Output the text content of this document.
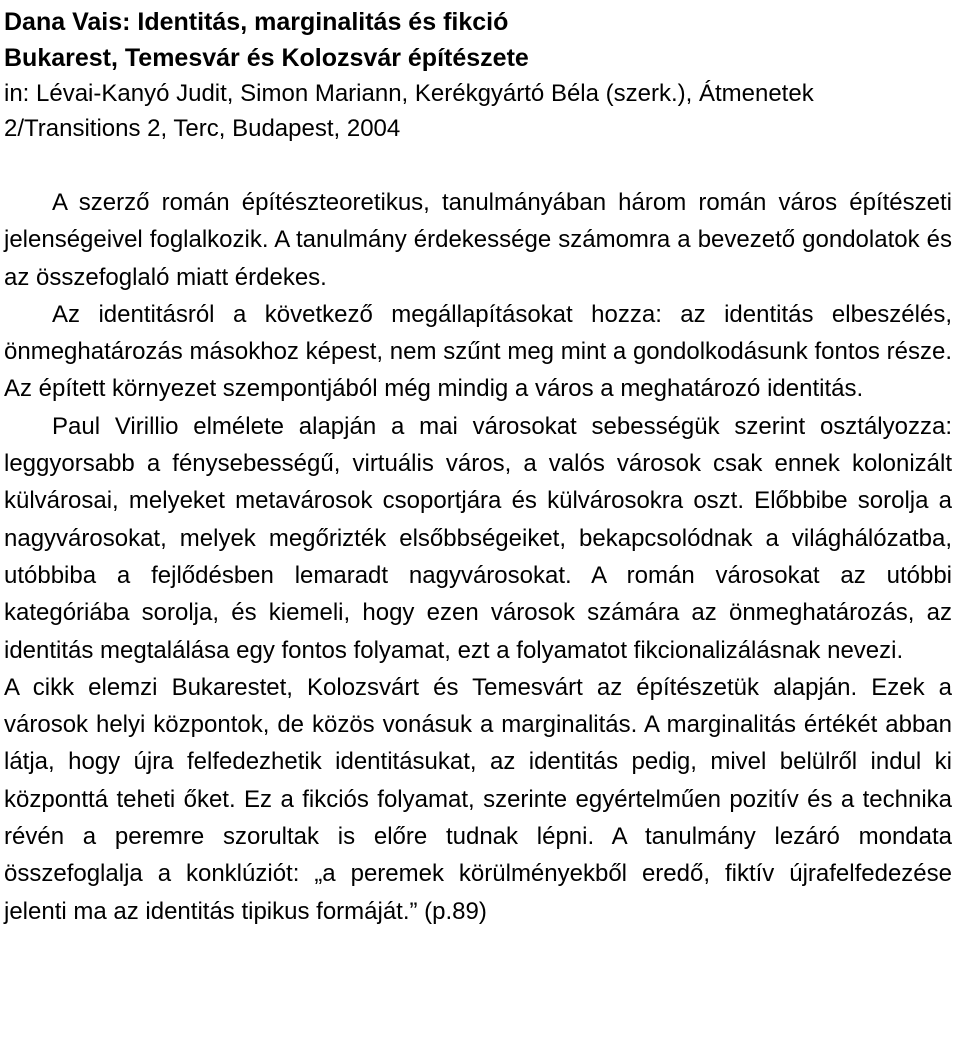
Dana Vais: Identitás, marginalitás és fikció

Bukarest, Temesvár és Kolozsvár építészete

in: Lévai-Kanyó Judit, Simon Mariann, Kerékgyártó Béla (szerk.), Átmenetek 2/Transitions 2, Terc, Budapest, 2004

A szerző román építészteoretikus, tanulmányában három román város építészeti jelenségeivel foglalkozik. A tanulmány érdekessége számomra a bevezető gondolatok és az összefoglaló miatt érdekes.

Az identitásról a következő megállapításokat hozza: az identitás elbeszélés, önmeghatározás másokhoz képest, nem szűnt meg mint a gondolkodásunk fontos része. Az épített környezet szempontjából még mindig a város a meghatározó identitás.

Paul Virillio elmélete alapján a mai városokat sebességük szerint osztályozza: leggyorsabb a fénysebességű, virtuális város, a valós városok csak ennek kolonizált külvárosai, melyeket metavárosok csoportjára és külvárosokra oszt. Előbbibe sorolja a nagyvárosokat, melyek megőrizték elsőbbségeiket, bekapcsolódnak a világhálózatba, utóbbiba a fejlődésben lemaradt nagyvárosokat. A román városokat az utóbbi kategóriába sorolja, és kiemeli, hogy ezen városok számára az önmeghatározás, az identitás megtalálása egy fontos folyamat, ezt a folyamatot fikcionalizálásnak nevezi.

A cikk elemzi Bukarestet, Kolozsvárt és Temesvárt az építészetük alapján. Ezek a városok helyi központok, de közös vonásuk a marginalitás. A marginalitás értékét abban látja, hogy újra felfedezhetik identitásukat, az identitás pedig, mivel belülről indul ki központtá teheti őket. Ez a fikciós folyamat, szerinte egyértelműen pozitív és a technika révén a peremre szorultak is előre tudnak lépni. A tanulmány lezáró mondata összefoglalja a konklúziót: „a peremek körülményekből eredő, fiktív újrafelfedezése jelenti ma az identitás tipikus formáját.” (p.89)
